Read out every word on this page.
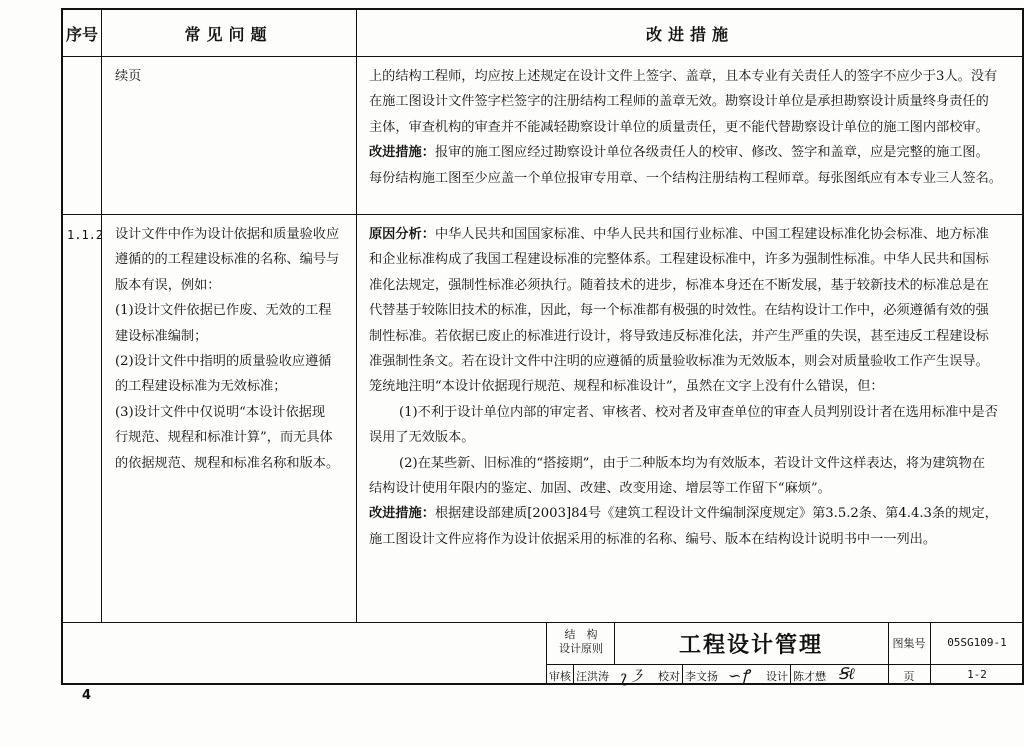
序号	常见问题	改进措施

续页	上的结构工程师，均应按上述规定在设计文件上签字、盖章，且本专业有关责任人的签字不应少于3人。没有

在施工图设计文件签字栏签字的注册结构工程师的盖章无效。勘察设计单位是承担勘察设计质量终身责任的

主体，审查机构的审查并不能减轻勘察设计单位的质量责任，更不能代替勘察设计单位的施工图内部校审。

改进措施：报审的施工图应经过勘察设计单位各级责任人的校审、修改、签字和盖章，应是完整的施工图。

每份结构施工图至少应盖一个单位报审专用章、一个结构注册结构工程师章。每张图纸应有本专业三人签名。

1.1.2 设计文件中作为设计依据和质量验收应

遵循的的工程建设标准的名称、编号与

版本有误，例如：

(1)设计文件依据已作废、无效的工程

建设标准编制；

(2)设计文件中指明的质量验收应遵循

的工程建设标准为无效标准；

(3)设计文件中仅说明“本设计依据现

行规范、规程和标准计算”，而无具体

的依据规范、规程和标准名称和版本。

原因分析：中华人民共和国国家标准、中华人民共和国行业标准、中国工程建设标准化协会标准、地方标准

和企业标准构成了我国工程建设标准的完整体系。工程建设标准中，许多为强制性标准。中华人民共和国标

准化法规定，强制性标准必须执行。随着技术的进步，标准本身还在不断发展，基于较新技术的标准总是在

代替基于较陈旧技术的标准，因此，每一个标准都有极强的时效性。在结构设计工作中，必须遵循有效的强

制性标准。若依据已废止的标准进行设计，将导致违反标准化法，并产生严重的失误，甚至违反工程建设标

准强制性条文。若在设计文件中注明的应遵循的质量验收标准为无效版本，则会对质量验收工作产生误导。

笼统地注明“本设计依据现行规范、规程和标准设计”，虽然在文字上没有什么错误，但：

(1)不利于设计单位内部的审定者、审核者、校对者及审查单位的审查人员判别设计者在选用标准中是否

误用了无效版本。

(2)在某些新、旧标准的“搭接期”，由于二种版本均为有效版本，若设计文件这样表达，将为建筑物在

结构设计使用年限内的鉴定、加固、改建、改变用途、增层等工作留下“麻烦”。

改进措施：根据建设部建质[2003]84号《建筑工程设计文件编制深度规定》第3.5.2条、第4.4.3条的规定，

施工图设计文件应将作为设计依据采用的标准的名称、编号、版本在结构设计说明书中一一列出。

结　构
设计原则	工程设计管理	图集号	05SG109-1
审核 汪洪涛 ʅ㇋ 校对 李文扬 ∽ꝭ 设计 陈才懋 Ꞩℓ	页	1-2
4
